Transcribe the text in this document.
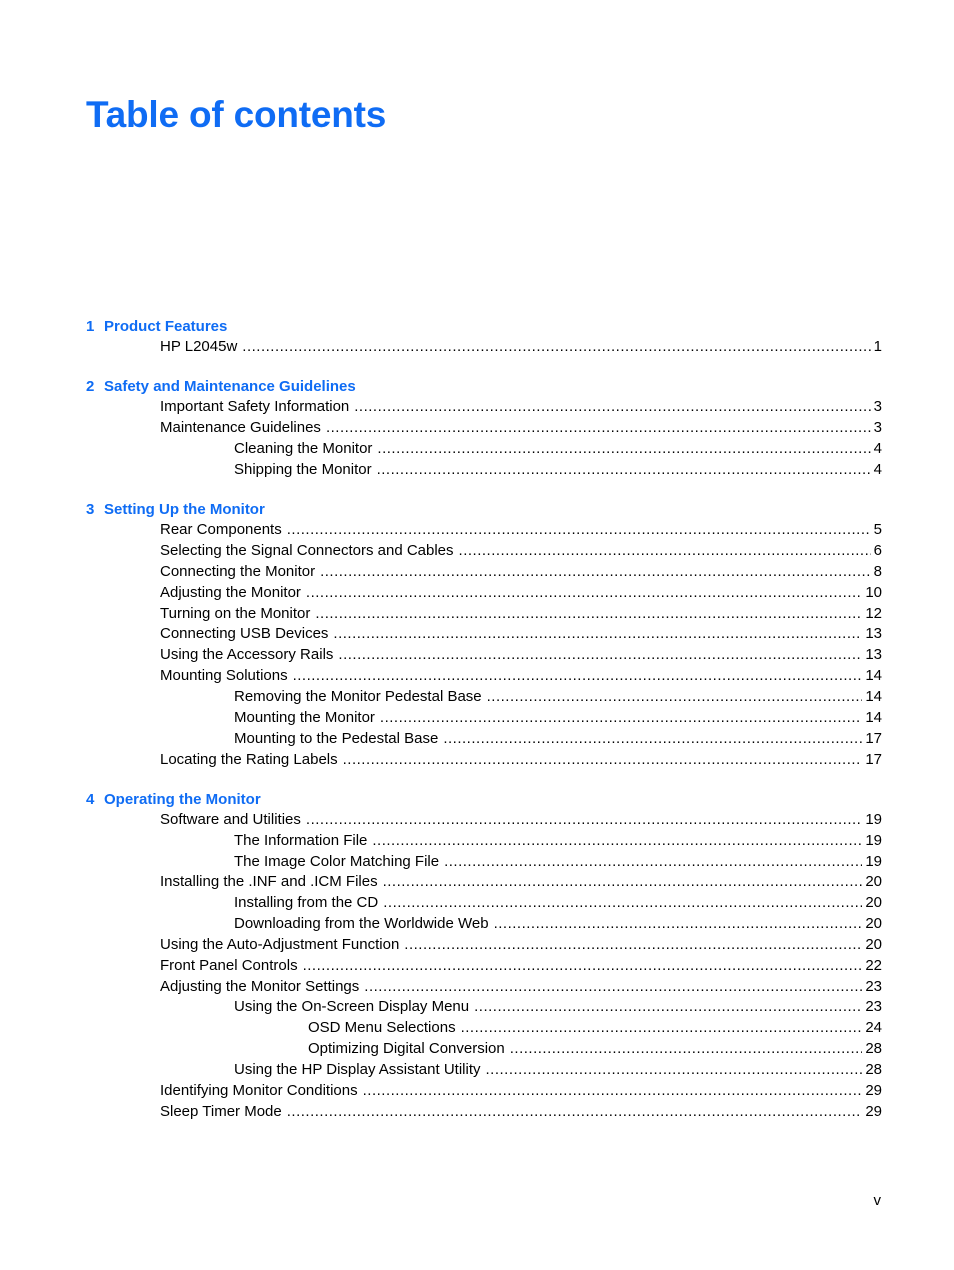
Table of contents
1 Product Features
HP L2045w .....	1
2 Safety and Maintenance Guidelines
Important Safety Information .....	3
Maintenance Guidelines .....	3
Cleaning the Monitor .....	4
Shipping the Monitor .....	4
3 Setting Up the Monitor
Rear Components .....	5
Selecting the Signal Connectors and Cables .....	6
Connecting the Monitor .....	8
Adjusting the Monitor .....	10
Turning on the Monitor .....	12
Connecting USB Devices .....	13
Using the Accessory Rails .....	13
Mounting Solutions .....	14
Removing the Monitor Pedestal Base .....	14
Mounting the Monitor .....	14
Mounting to the Pedestal Base .....	17
Locating the Rating Labels .....	17
4 Operating the Monitor
Software and Utilities .....	19
The Information File .....	19
The Image Color Matching File .....	19
Installing the .INF and .ICM Files .....	20
Installing from the CD .....	20
Downloading from the Worldwide Web .....	20
Using the Auto-Adjustment Function .....	20
Front Panel Controls .....	22
Adjusting the Monitor Settings .....	23
Using the On-Screen Display Menu .....	23
OSD Menu Selections .....	24
Optimizing Digital Conversion .....	28
Using the HP Display Assistant Utility .....	28
Identifying Monitor Conditions .....	29
Sleep Timer Mode .....	29
v
